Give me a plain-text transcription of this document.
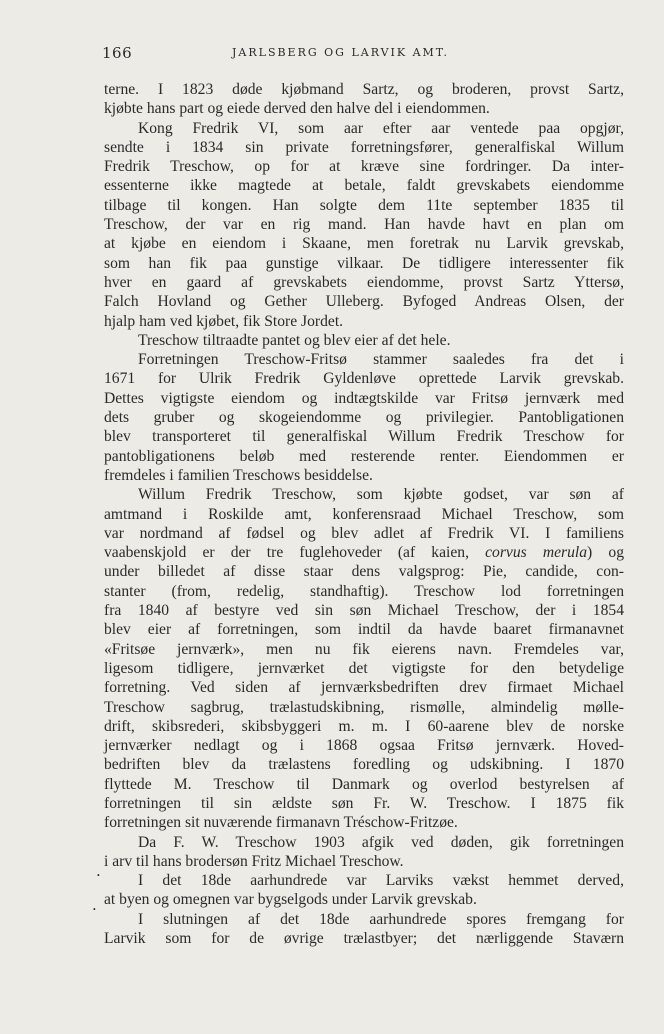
166	JARLSBERG OG LARVIK AMT.
terne. I 1823 døde kjøbmand Sartz, og broderen, provst Sartz,
kjøbte hans part og eiede derved den halve del i eiendommen.
Kong Fredrik VI, som aar efter aar ventede paa opgjør,
sendte i 1834 sin private forretningsfører, generalfiskal Willum
Fredrik Treschow, op for at kræve sine fordringer. Da inter-
essenterne ikke magtede at betale, faldt grevskabets eiendomme
tilbage til kongen. Han solgte dem 11te september 1835 til
Treschow, der var en rig mand. Han havde havt en plan om
at kjøbe en eiendom i Skaane, men foretrak nu Larvik grevskab,
som han fik paa gunstige vilkaar. De tidligere interessenter fik
hver en gaard af grevskabets eiendomme, provst Sartz Yttersø,
Falch Hovland og Gether Ulleberg. Byfoged Andreas Olsen, der
hjalp ham ved kjøbet, fik Store Jordet.
Treschow tiltraadte pantet og blev eier af det hele.
Forretningen Treschow-Fritsø stammer saaledes fra det i
1671 for Ulrik Fredrik Gyldenløve oprettede Larvik grevskab.
Dettes vigtigste eiendom og indtægtskilde var Fritsø jernværk med
dets gruber og skogeiendomme og privilegier. Pantobligationen
blev transporteret til generalfiskal Willum Fredrik Treschow for
pantobligationens beløb med resterende renter. Eiendommen er
fremdeles i familien Treschows besiddelse.
Willum Fredrik Treschow, som kjøbte godset, var søn af
amtmand i Roskilde amt, konferensraad Michael Treschow, som
var nordmand af fødsel og blev adlet af Fredrik VI. I familiens
vaabenskjold er der tre fuglehoveder (af kaien, corvus merula) og
under billedet af disse staar dens valgsprog: Pie, candide, con-
stanter (from, redelig, standhaftig). Treschow lod forretningen
fra 1840 af bestyre ved sin søn Michael Treschow, der i 1854
blev eier af forretningen, som indtil da havde baaret firmanavnet
«Fritsøe jernværk», men nu fik eierens navn. Fremdeles var,
ligesom tidligere, jernværket det vigtigste for den betydelige
forretning. Ved siden af jernværksbedriften drev firmaet Michael
Treschow sagbrug, trælastudskibning, rismølle, almindelig mølle-
drift, skibsrederi, skibsbyggeri m. m. I 60-aarene blev de norske
jernværker nedlagt og i 1868 ogsaa Fritsø jernværk. Hoved-
bedriften blev da trælastens foredling og udskibning. I 1870
flyttede M. Treschow til Danmark og overlod bestyrelsen af
forretningen til sin ældste søn Fr. W. Treschow. I 1875 fik
forretningen sit nuværende firmanavn Tréschow-Fritzøe.
Da F. W. Treschow 1903 afgik ved døden, gik forretningen
i arv til hans brodersøn Fritz Michael Treschow.
I det 18de aarhundrede var Larviks vækst hemmet derved,
at byen og omegnen var bygselgods under Larvik grevskab.
I slutningen af det 18de aarhundrede spores fremgang for
Larvik som for de øvrige trælastbyer; det nærliggende Staværn
.
·
